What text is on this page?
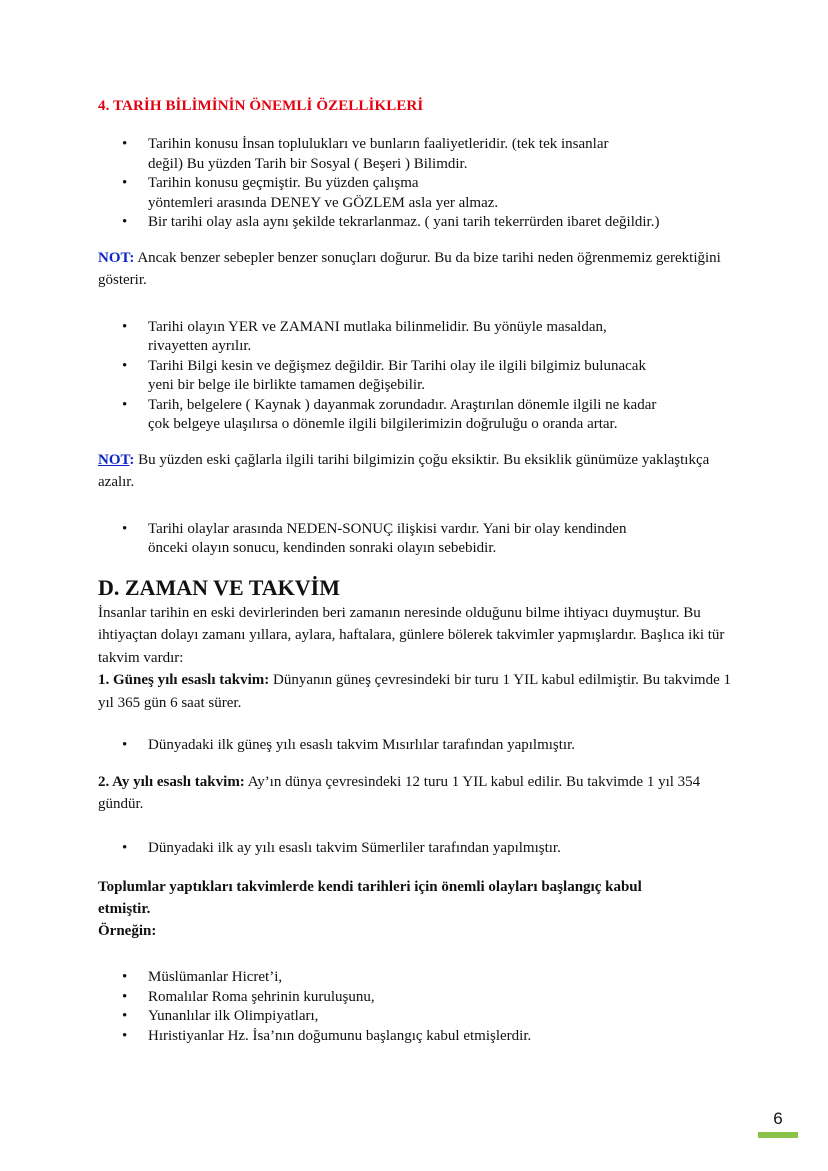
4. TARİH BİLİMİNİN ÖNEMLİ ÖZELLİKLERİ
• Tarihin konusu İnsan toplulukları ve bunların faaliyetleridir. (tek tek insanlar
değil) Bu yüzden Tarih bir Sosyal ( Beşeri ) Bilimdir.
• Tarihin konusu geçmiştir. Bu yüzden çalışma
yöntemleri arasında DENEY ve GÖZLEM asla yer almaz.
• Bir tarihi olay asla aynı şekilde tekrarlanmaz. ( yani tarih tekerrürden ibaret değildir.)

NOT: Ancak benzer sebepler benzer sonuçları doğurur. Bu da bize tarihi neden öğrenmemiz gerektiğini gösterir.

• Tarihi olayın YER ve ZAMANI mutlaka bilinmelidir. Bu yönüyle masaldan,
rivayetten ayrılır.
• Tarihi Bilgi kesin ve değişmez değildir. Bir Tarihi olay ile ilgili bilgimiz bulunacak
yeni bir belge ile birlikte tamamen değişebilir.
• Tarih, belgelere ( Kaynak ) dayanmak zorundadır. Araştırılan dönemle ilgili ne kadar
çok belgeye ulaşılırsa o dönemle ilgili bilgilerimizin doğruluğu o oranda artar.

NOT: Bu yüzden eski çağlarla ilgili tarihi bilgimizin çoğu eksiktir. Bu eksiklik günümüze yaklaştıkça azalır.

• Tarihi olaylar arasında NEDEN-SONUÇ ilişkisi vardır. Yani bir olay kendinden
önceki olayın sonucu, kendinden sonraki olayın sebebidir.
D. ZAMAN VE TAKVİM

İnsanlar tarihin en eski devirlerinden beri zamanın neresinde olduğunu bilme ihtiyacı duymuştur. Bu ihtiyaçtan dolayı zamanı yıllara, aylara, haftalara, günlere bölerek takvimler yapmışlardır. Başlıca iki tür takvim vardır:

1. Güneş yılı esaslı takvim: Dünyanın güneş çevresindeki bir turu 1 YIL kabul edilmiştir. Bu takvimde 1 yıl 365 gün 6 saat sürer.

• Dünyadaki ilk güneş yılı esaslı takvim Mısırlılar tarafından yapılmıştır.

2. Ay yılı esaslı takvim: Ay’ın dünya çevresindeki 12 turu 1 YIL kabul edilir. Bu takvimde 1 yıl 354 gündür.

• Dünyadaki ilk ay yılı esaslı takvim Sümerliler tarafından yapılmıştır.
Toplumlar yaptıkları takvimlerde kendi tarihleri için önemli olayları başlangıç kabul
etmiştir.
Örneğin:
• Müslümanlar Hicret’i,
• Romalılar Roma şehrinin kuruluşunu,
• Yunanlılar ilk Olimpiyatları,
• Hıristiyanlar Hz. İsa’nın doğumunu başlangıç kabul etmişlerdir.
6
